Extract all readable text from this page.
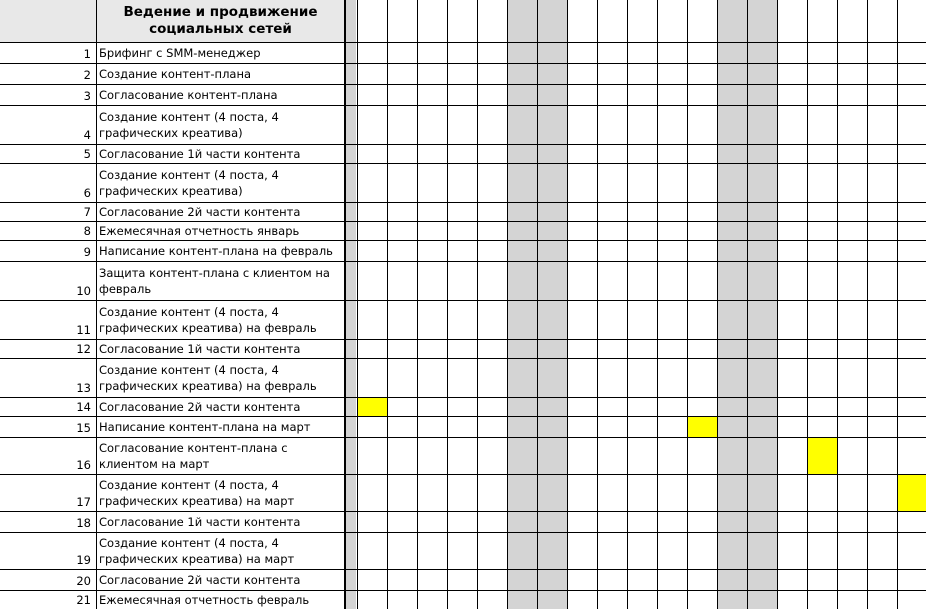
Ведение и продвижение социальных сетей
1 Брифинг с SMM-менеджер
2 Создание контент-плана
3 Согласование контент-плана
4
Создание контент (4 поста, 4 графических креатива)
5 Согласование 1й части контента
6
Создание контент (4 поста, 4 графических креатива)
7 Согласование 2й части контента
8 Ежемесячная отчетность январь
9 Написание контент-плана на февраль
10
Защита контент-плана с клиентом на февраль
11
Создание контент (4 поста, 4 графических креатива) на февраль
12 Согласование 1й части контента
13
Создание контент (4 поста, 4 графических креатива) на февраль
14 Согласование 2й части контента
15 Написание контент-плана на март
16
Согласование контент-плана с клиентом на март
17
Создание контент (4 поста, 4 графических креатива) на март
18 Согласование 1й части контента
19
Создание контент (4 поста, 4 графических креатива) на март
20 Согласование 2й части контента
21 Ежемесячная отчетность февраль
